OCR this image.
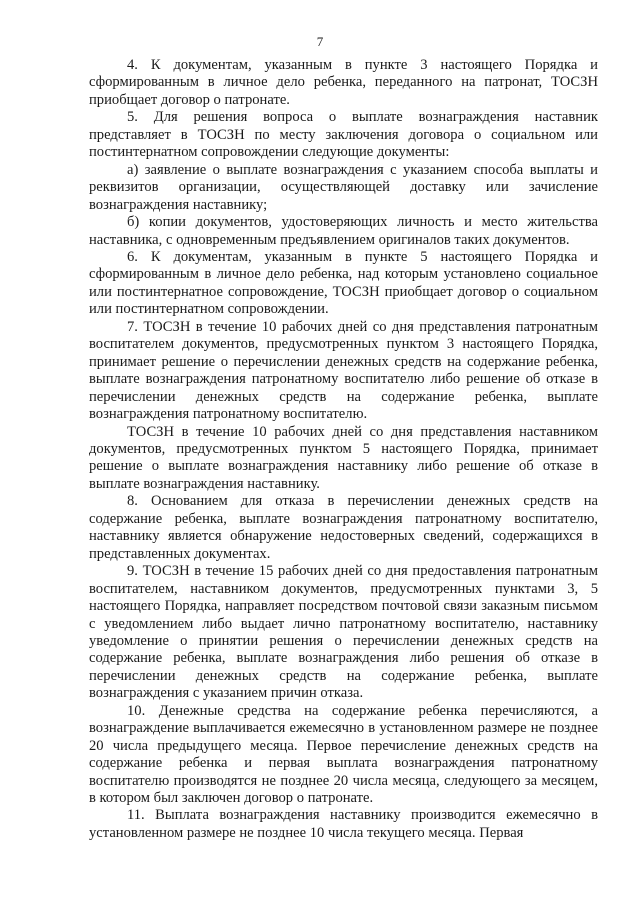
7

4. К документам, указанным в пункте 3 настоящего Порядка и сформированным в личное дело ребенка, переданного на патронат, ТОСЗН приобщает договор о патронате.

5. Для решения вопроса о выплате вознаграждения наставник представляет в ТОСЗН по месту заключения договора о социальном или постинтернатном сопровождении следующие документы:

а) заявление о выплате вознаграждения с указанием способа выплаты и реквизитов организации, осуществляющей доставку или зачисление вознаграждения наставнику;

б) копии документов, удостоверяющих личность и место жительства наставника, с одновременным предъявлением оригиналов таких документов.

6. К документам, указанным в пункте 5 настоящего Порядка и сформированным в личное дело ребенка, над которым установлено социальное или постинтернатное сопровождение, ТОСЗН приобщает договор о социальном или постинтернатном сопровождении.

7. ТОСЗН в течение 10 рабочих дней со дня представления патронатным воспитателем документов, предусмотренных пунктом 3 настоящего Порядка, принимает решение о перечислении денежных средств на содержание ребенка, выплате вознаграждения патронатному воспитателю либо решение об отказе в перечислении денежных средств на содержание ребенка, выплате вознаграждения патронатному воспитателю.

ТОСЗН в течение 10 рабочих дней со дня представления наставником документов, предусмотренных пунктом 5 настоящего Порядка, принимает решение о выплате вознаграждения наставнику либо решение об отказе в выплате вознаграждения наставнику.

8. Основанием для отказа в перечислении денежных средств на содержание ребенка, выплате вознаграждения патронатному воспитателю, наставнику является обнаружение недостоверных сведений, содержащихся в представленных документах.

9. ТОСЗН в течение 15 рабочих дней со дня предоставления патронатным воспитателем, наставником документов, предусмотренных пунктами 3, 5 настоящего Порядка, направляет посредством почтовой связи заказным письмом с уведомлением либо выдает лично патронатному воспитателю, наставнику уведомление о принятии решения о перечислении денежных средств на содержание ребенка, выплате вознаграждения либо решения об отказе в перечислении денежных средств на содержание ребенка, выплате вознаграждения с указанием причин отказа.

10. Денежные средства на содержание ребенка перечисляются, а вознаграждение выплачивается ежемесячно в установленном размере не позднее 20 числа предыдущего месяца. Первое перечисление денежных средств на содержание ребенка и первая выплата вознаграждения патронатному воспитателю производятся не позднее 20 числа месяца, следующего за месяцем, в котором был заключен договор о патронате.

11. Выплата вознаграждения наставнику производится ежемесячно в установленном размере не позднее 10 числа текущего месяца. Первая
